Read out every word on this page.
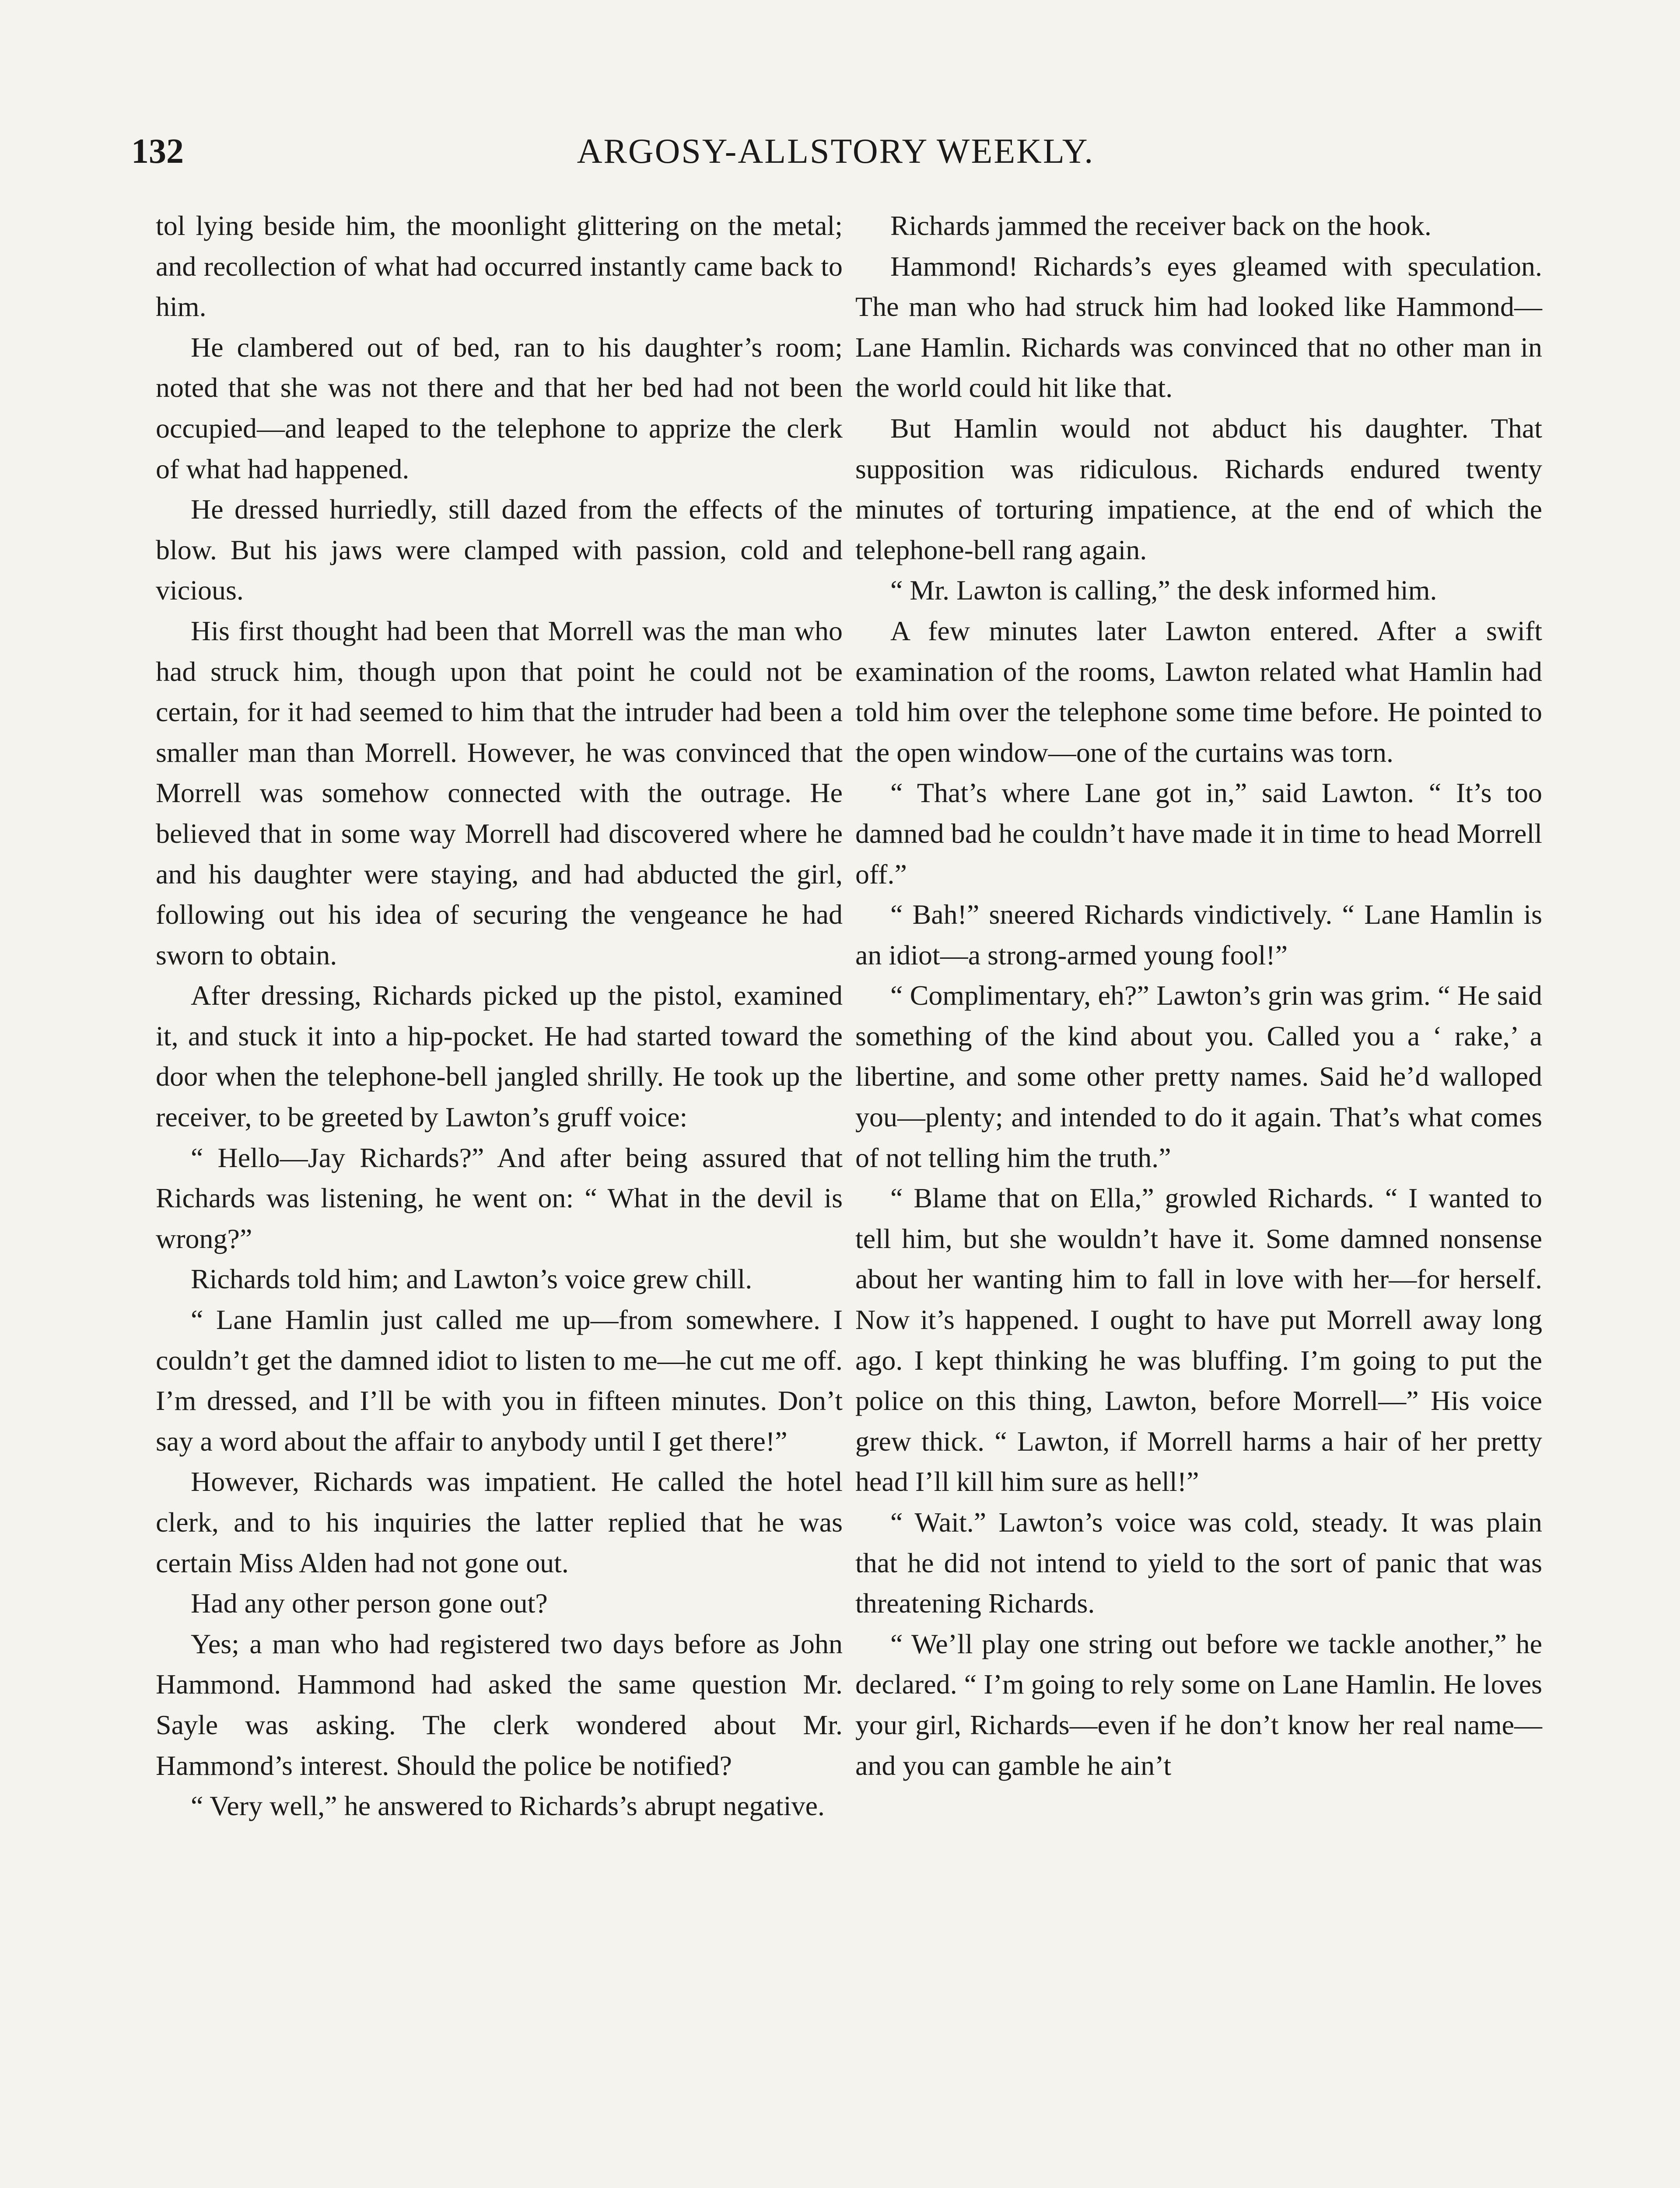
132	ARGOSY-ALLSTORY WEEKLY.

tol lying beside him, the moonlight glittering on the metal; and recollection of what had occurred instantly came back to him.

He clambered out of bed, ran to his daughter’s room; noted that she was not there and that her bed had not been occupied—and leaped to the telephone to apprize the clerk of what had happened.

He dressed hurriedly, still dazed from the effects of the blow. But his jaws were clamped with passion, cold and vicious.

His first thought had been that Morrell was the man who had struck him, though upon that point he could not be certain, for it had seemed to him that the intruder had been a smaller man than Morrell. However, he was convinced that Morrell was somehow connected with the outrage. He believed that in some way Morrell had discovered where he and his daughter were staying, and had abducted the girl, following out his idea of securing the vengeance he had sworn to obtain.

After dressing, Richards picked up the pistol, examined it, and stuck it into a hip-pocket. He had started toward the door when the telephone-bell jangled shrilly. He took up the receiver, to be greeted by Lawton’s gruff voice:

“ Hello—Jay Richards?” And after being assured that Richards was listening, he went on: “ What in the devil is wrong?”

Richards told him; and Lawton’s voice grew chill.

“ Lane Hamlin just called me up—from somewhere. I couldn’t get the damned idiot to listen to me—he cut me off. I’m dressed, and I’ll be with you in fifteen minutes. Don’t say a word about the affair to anybody until I get there!”

However, Richards was impatient. He called the hotel clerk, and to his inquiries the latter replied that he was certain Miss Alden had not gone out.

Had any other person gone out?

Yes; a man who had registered two days before as John Hammond. Hammond had asked the same question Mr. Sayle was asking. The clerk wondered about Mr. Hammond’s interest. Should the police be notified?

“ Very well,” he answered to Richards’s abrupt negative.

Richards jammed the receiver back on the hook.

Hammond! Richards’s eyes gleamed with speculation. The man who had struck him had looked like Hammond—Lane Hamlin. Richards was convinced that no other man in the world could hit like that.

But Hamlin would not abduct his daughter. That supposition was ridiculous. Richards endured twenty minutes of torturing impatience, at the end of which the telephone-bell rang again.

“ Mr. Lawton is calling,” the desk informed him.

A few minutes later Lawton entered. After a swift examination of the rooms, Lawton related what Hamlin had told him over the telephone some time before. He pointed to the open window—one of the curtains was torn.

“ That’s where Lane got in,” said Lawton. “ It’s too damned bad he couldn’t have made it in time to head Morrell off.”

“ Bah!” sneered Richards vindictively. “ Lane Hamlin is an idiot—a strong-armed young fool!”

“ Complimentary, eh?” Lawton’s grin was grim. “ He said something of the kind about you. Called you a ‘ rake,’ a libertine, and some other pretty names. Said he’d walloped you—plenty; and intended to do it again. That’s what comes of not telling him the truth.”

“ Blame that on Ella,” growled Richards. “ I wanted to tell him, but she wouldn’t have it. Some damned nonsense about her wanting him to fall in love with her—for herself. Now it’s happened. I ought to have put Morrell away long ago. I kept thinking he was bluffing. I’m going to put the police on this thing, Lawton, before Morrell—” His voice grew thick. “ Lawton, if Morrell harms a hair of her pretty head I’ll kill him sure as hell!”

“ Wait.” Lawton’s voice was cold, steady. It was plain that he did not intend to yield to the sort of panic that was threatening Richards.

“ We’ll play one string out before we tackle another,” he declared. “ I’m going to rely some on Lane Hamlin. He loves your girl, Richards—even if he don’t know her real name—and you can gamble he ain’t
